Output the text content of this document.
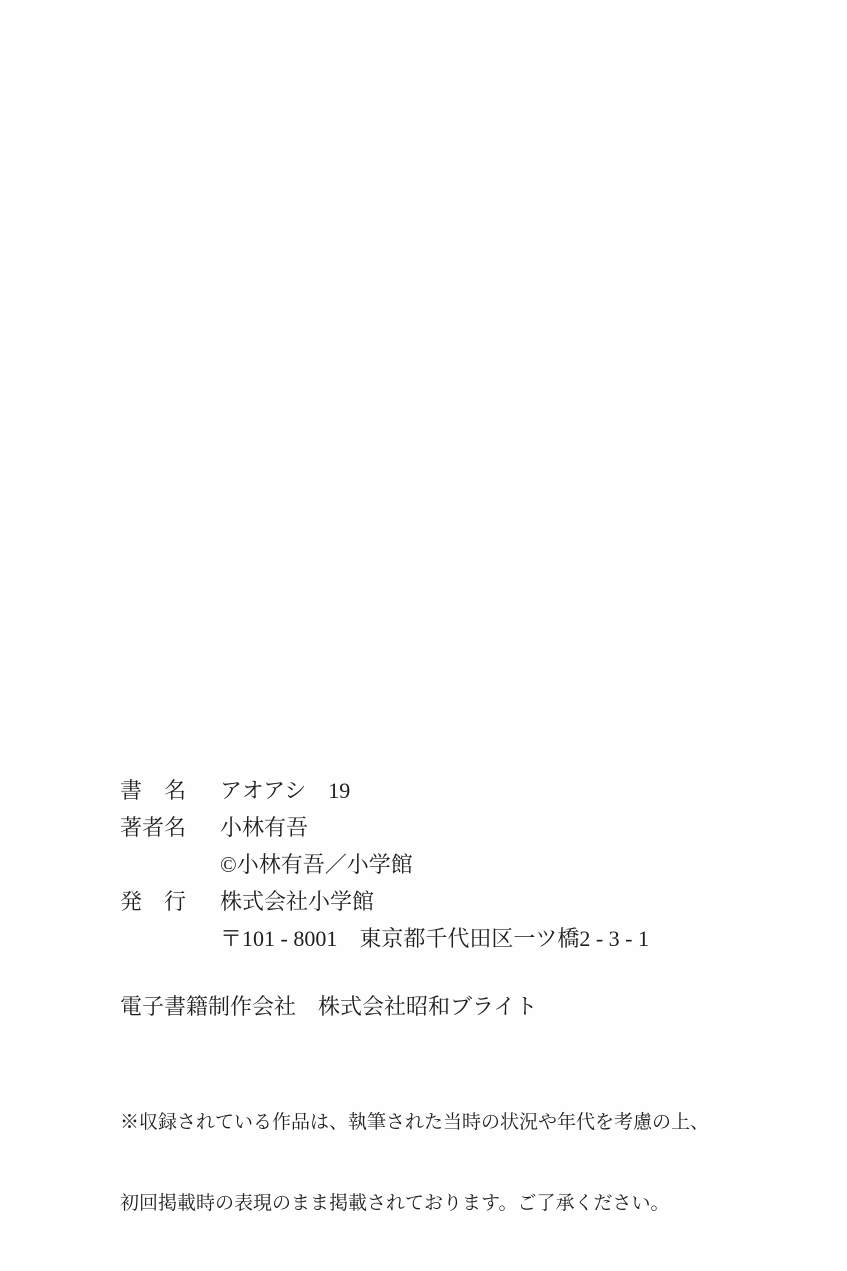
書　名 アオアシ　19
著者名 小林有吾
©小林有吾／小学館
発　行 株式会社小学館
〒101 - 8001　東京都千代田区一ツ橋2 - 3 - 1
電子書籍制作会社　株式会社昭和ブライト

※収録されている作品は、執筆された当時の状況や年代を考慮の上、

初回掲載時の表現のまま掲載されております。ご了承ください。
